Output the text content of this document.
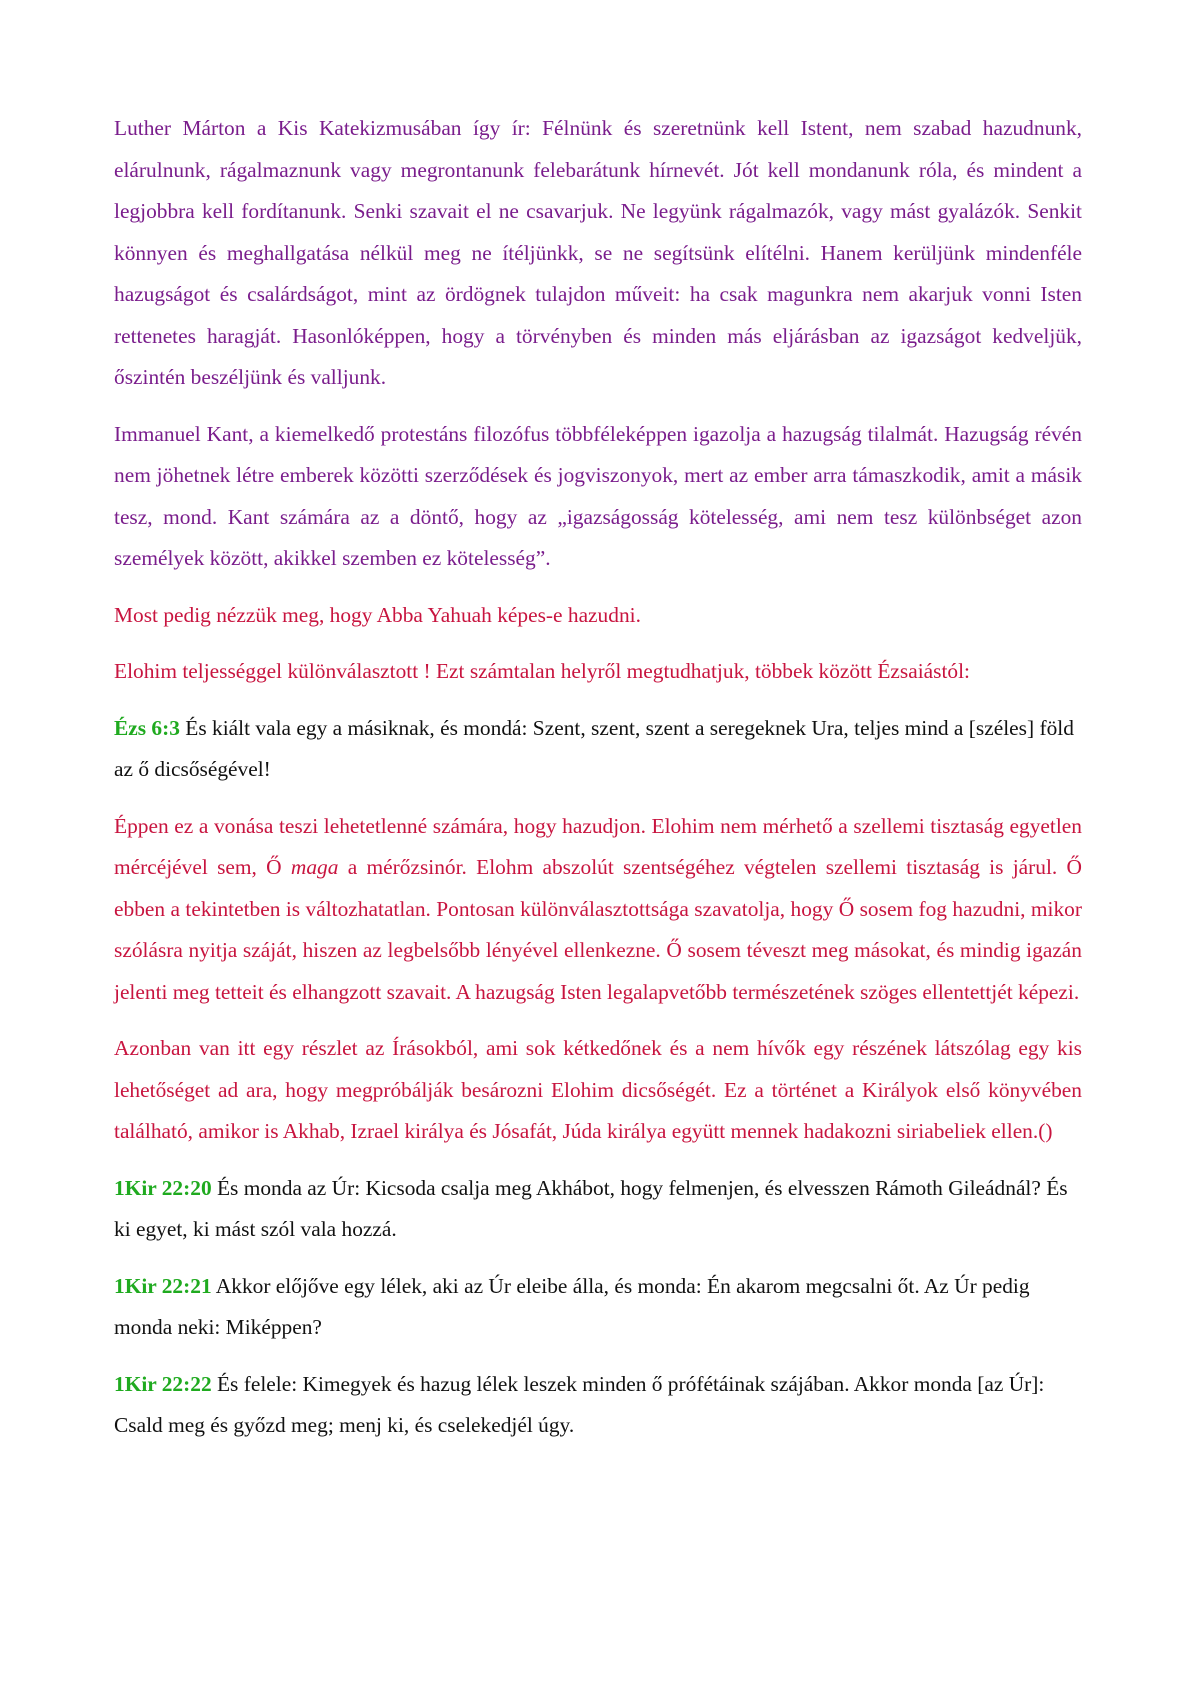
Luther Márton a Kis Katekizmusában így ír: Félnünk és szeretnünk kell Istent, nem szabad hazudnunk, elárulnunk, rágalmaznunk vagy megrontanunk felebarátunk hírnevét. Jót kell mondanunk róla, és mindent a legjobbra kell fordítanunk. Senki szavait el ne csavarjuk. Ne legyünk rágalmazók, vagy mást gyalázók. Senkit könnyen és meghallgatása nélkül meg ne ítéljünkk, se ne segítsünk elítélni. Hanem kerüljünk mindenféle hazugságot és csalárdságot, mint az ördögnek tulajdon műveit: ha csak magunkra nem akarjuk vonni Isten rettenetes haragját. Hasonlóképpen, hogy a törvényben és minden más eljárásban az igazságot kedveljük, őszintén beszéljünk és valljunk.

Immanuel Kant, a kiemelkedő protestáns filozófus többféleképpen igazolja a hazugság tilalmát. Hazugság révén nem jöhetnek létre emberek közötti szerződések és jogviszonyok, mert az ember arra támaszkodik, amit a másik tesz, mond. Kant számára az a döntő, hogy az „igazságosság kötelesség, ami nem tesz különbséget azon személyek között, akikkel szemben ez kötelesség”.

Most pedig nézzük meg, hogy Abba Yahuah képes-e hazudni.

Elohim teljességgel különválasztott ! Ezt számtalan helyről megtudhatjuk, többek között Ézsaiástól:

Ézs 6:3 És kiált vala egy a másiknak, és mondá: Szent, szent, szent a seregeknek Ura, teljes mind a [széles] föld az ő dicsőségével!

Éppen ez a vonása teszi lehetetlenné számára, hogy hazudjon. Elohim nem mérhető a szellemi tisztaság egyetlen mércéjével sem, Ő maga a mérőzsinór. Elohm abszolút szentségéhez végtelen szellemi tisztaság is járul. Ő ebben a tekintetben is változhatatlan. Pontosan különválasztottsága szavatolja, hogy Ő sosem fog hazudni, mikor szólásra nyitja száját, hiszen az legbelsőbb lényével ellenkezne. Ő sosem téveszt meg másokat, és mindig igazán jelenti meg tetteit és elhangzott szavait. A hazugság Isten legalapvetőbb természetének szöges ellentettjét képezi.

Azonban van itt egy részlet az Írásokból, ami sok kétkedőnek és a nem hívők egy részének látszólag egy kis lehetőséget ad ara, hogy megpróbálják besározni Elohim dicsőségét. Ez a történet a Királyok első könyvében található, amikor is Akhab, Izrael királya és Jósafát, Júda királya együtt mennek hadakozni siriabeliek ellen.()

1Kir 22:20 És monda az Úr: Kicsoda csalja meg Akhábot, hogy felmenjen, és elvesszen Rámoth Gileádnál? És ki egyet, ki mást szól vala hozzá.

1Kir 22:21 Akkor előjőve egy lélek, aki az Úr eleibe álla, és monda: Én akarom megcsalni őt. Az Úr pedig monda neki: Miképpen?

1Kir 22:22 És felele: Kimegyek és hazug lélek leszek minden ő prófétáinak szájában. Akkor monda [az Úr]: Csald meg és győzd meg; menj ki, és cselekedjél úgy.
